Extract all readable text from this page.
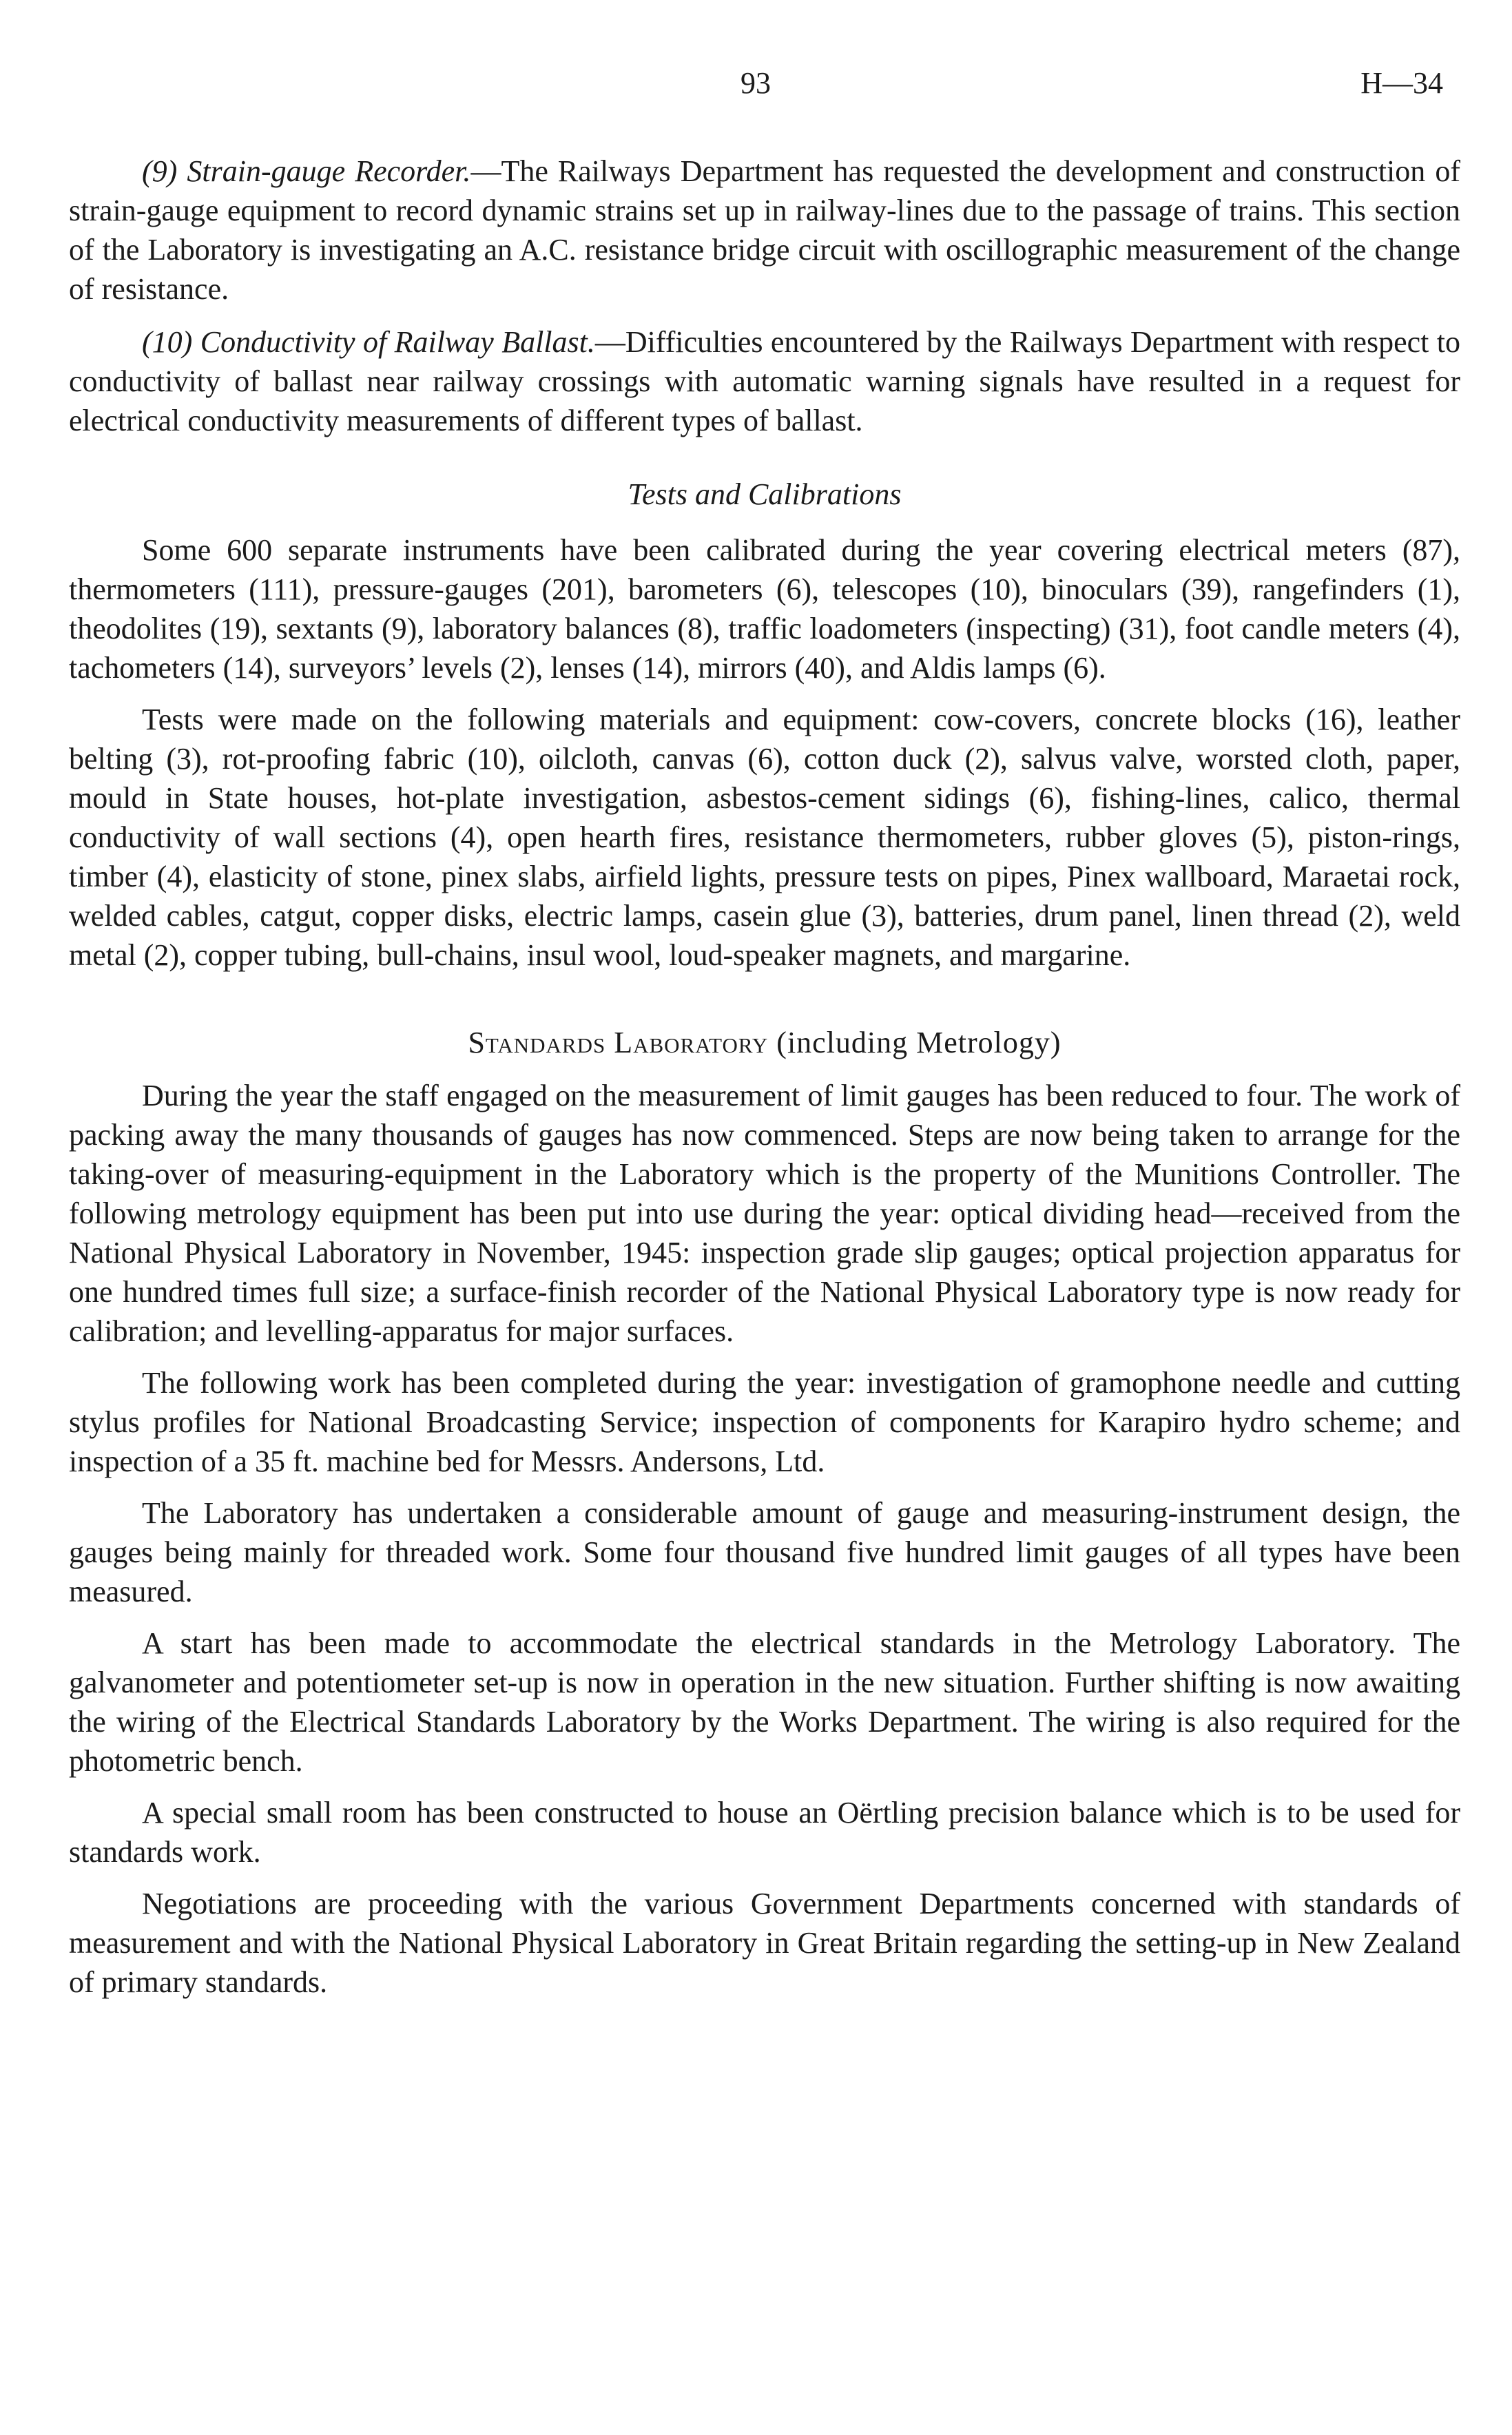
93	H—34

(9) Strain-gauge Recorder.—The Railways Department has requested the development and construction of strain-gauge equipment to record dynamic strains set up in railway-lines due to the passage of trains. This section of the Laboratory is investigating an A.C. resistance bridge circuit with oscillographic measurement of the change of resistance.

(10) Conductivity of Railway Ballast.—Difficulties encountered by the Railways Department with respect to conductivity of ballast near railway crossings with automatic warning signals have resulted in a request for electrical conductivity measurements of different types of ballast.

Tests and Calibrations

Some 600 separate instruments have been calibrated during the year covering electrical meters (87), thermometers (111), pressure-gauges (201), barometers (6), telescopes (10), binoculars (39), rangefinders (1), theodolites (19), sextants (9), laboratory balances (8), traffic loadometers (inspecting) (31), foot candle meters (4), tachometers (14), surveyors’ levels (2), lenses (14), mirrors (40), and Aldis lamps (6).

Tests were made on the following materials and equipment: cow-covers, concrete blocks (16), leather belting (3), rot-proofing fabric (10), oilcloth, canvas (6), cotton duck (2), salvus valve, worsted cloth, paper, mould in State houses, hot-plate investigation, asbestos-cement sidings (6), fishing-lines, calico, thermal conductivity of wall sections (4), open hearth fires, resistance thermometers, rubber gloves (5), piston-rings, timber (4), elasticity of stone, pinex slabs, airfield lights, pressure tests on pipes, Pinex wallboard, Maraetai rock, welded cables, catgut, copper disks, electric lamps, casein glue (3), batteries, drum panel, linen thread (2), weld metal (2), copper tubing, bull-chains, insul wool, loud-speaker magnets, and margarine.

Standards Laboratory (including Metrology)

During the year the staff engaged on the measurement of limit gauges has been reduced to four. The work of packing away the many thousands of gauges has now commenced. Steps are now being taken to arrange for the taking-over of measuring-equipment in the Laboratory which is the property of the Munitions Controller. The following metrology equipment has been put into use during the year: optical dividing head—received from the National Physical Laboratory in November, 1945: inspection grade slip gauges; optical projection apparatus for one hundred times full size; a surface-finish recorder of the National Physical Laboratory type is now ready for calibration; and levelling-apparatus for major surfaces.

The following work has been completed during the year: investigation of gramophone needle and cutting stylus profiles for National Broadcasting Service; inspection of components for Karapiro hydro scheme; and inspection of a 35 ft. machine bed for Messrs. Andersons, Ltd.

The Laboratory has undertaken a considerable amount of gauge and measuring-instrument design, the gauges being mainly for threaded work. Some four thousand five hundred limit gauges of all types have been measured.

A start has been made to accommodate the electrical standards in the Metrology Laboratory. The galvanometer and potentiometer set-up is now in operation in the new situation. Further shifting is now awaiting the wiring of the Electrical Standards Laboratory by the Works Department. The wiring is also required for the photometric bench.

A special small room has been constructed to house an Oërtling precision balance which is to be used for standards work.

Negotiations are proceeding with the various Government Departments concerned with standards of measurement and with the National Physical Laboratory in Great Britain regarding the setting-up in New Zealand of primary standards.
